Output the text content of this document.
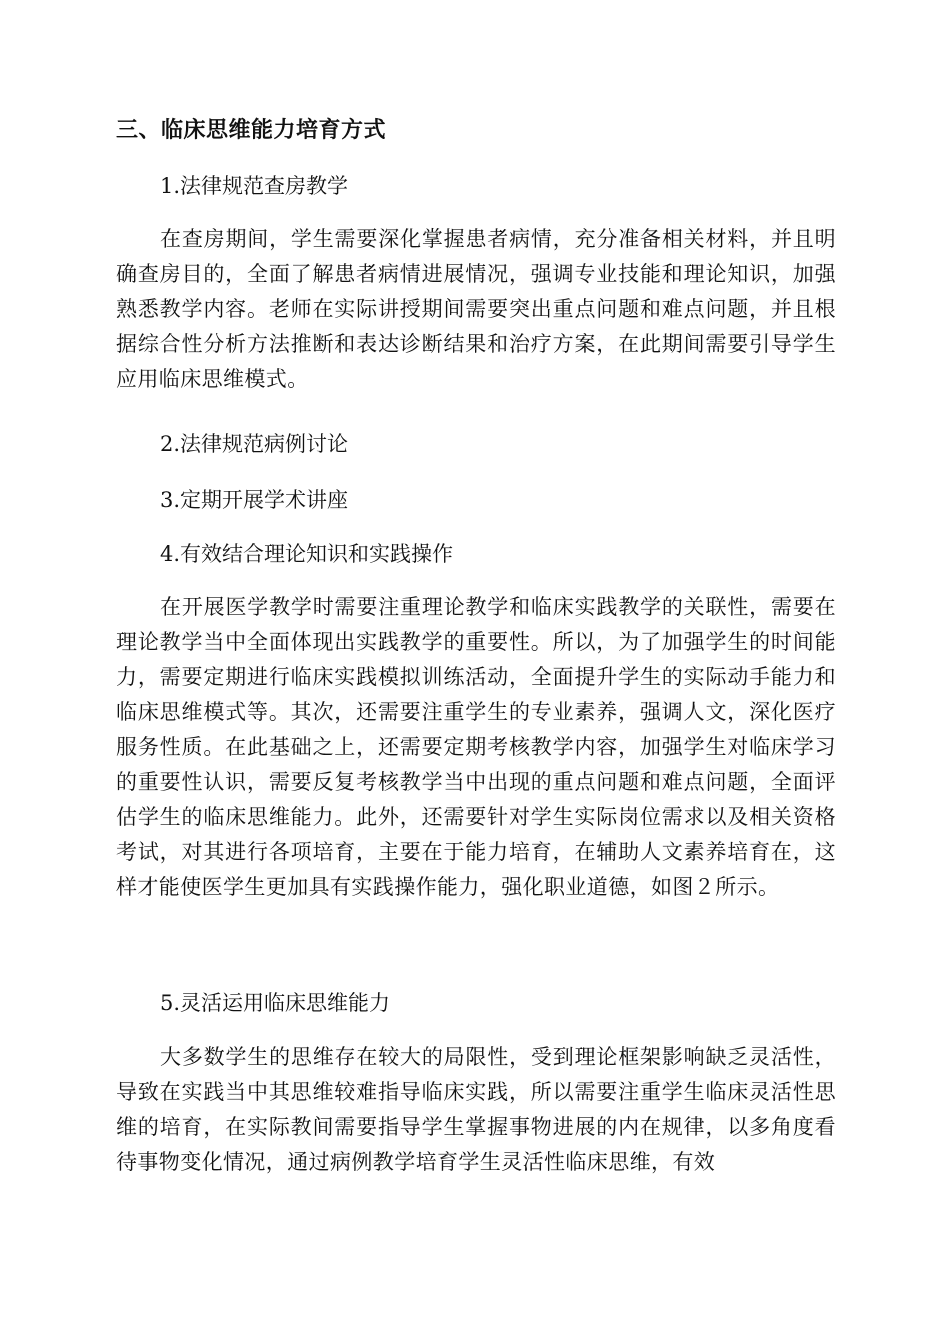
三、临床思维能力培育方式

1.法律规范查房教学

在查房期间，学生需要深化掌握患者病情，充分准备相关材料，并且明确查房目的，全面了解患者病情进展情况，强调专业技能和理论知识，加强熟悉教学内容。老师在实际讲授期间需要突出重点问题和难点问题，并且根据综合性分析方法推断和表达诊断结果和治疗方案，在此期间需要引导学生应用临床思维模式。

2.法律规范病例讨论

3.定期开展学术讲座

4.有效结合理论知识和实践操作

在开展医学教学时需要注重理论教学和临床实践教学的关联性，需要在理论教学当中全面体现出实践教学的重要性。所以，为了加强学生的时间能力，需要定期进行临床实践模拟训练活动，全面提升学生的实际动手能力和临床思维模式等。其次，还需要注重学生的专业素养，强调人文，深化医疗服务性质。在此基础之上，还需要定期考核教学内容，加强学生对临床学习的重要性认识，需要反复考核教学当中出现的重点问题和难点问题，全面评估学生的临床思维能力。此外，还需要针对学生实际岗位需求以及相关资格考试，对其进行各项培育，主要在于能力培育，在辅助人文素养培育在，这样才能使医学生更加具有实践操作能力，强化职业道德，如图２所示。

5.灵活运用临床思维能力

大多数学生的思维存在较大的局限性，受到理论框架影响缺乏灵活性，导致在实践当中其思维较难指导临床实践，所以需要注重学生临床灵活性思维的培育，在实际教间需要指导学生掌握事物进展的内在规律，以多角度看待事物变化情况，通过病例教学培育学生灵活性临床思维，有效
